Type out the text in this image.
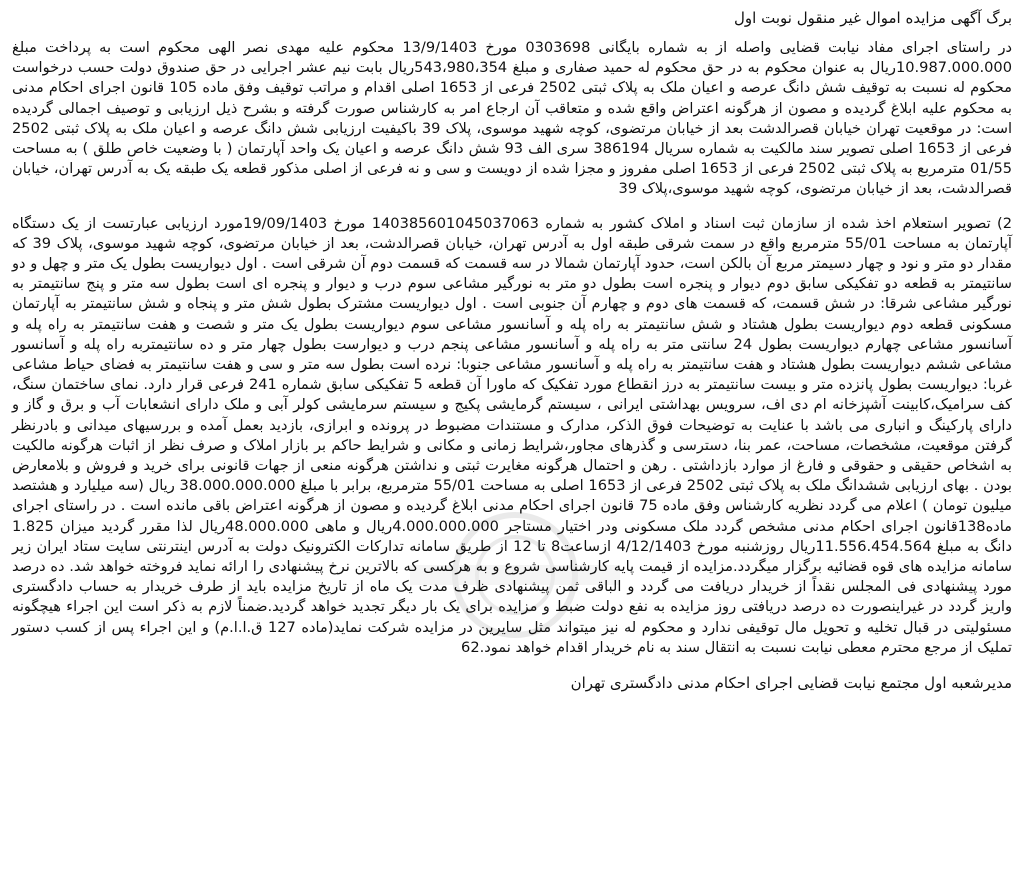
برگ آگهی مزایده اموال غیر منقول نوبت اول

در راستای اجرای مفاد نیابت قضایی واصله از به شماره بایگانی 0303698 مورخ 13/9/1403 محکوم علیه مهدی نصر الهی محکوم است به پرداخت مبلغ 10.987.000.000ریال به عنوان محکوم به در حق محکوم له حمید صفاری و مبلغ 543،980،354ریال بابت نیم عشر اجرایی در حق صندوق دولت حسب درخواست محکوم له نسبت به توقیف شش دانگ عرصه و اعیان ملک به پلاک ثبتی 2502 فرعی از 1653 اصلی اقدام و مراتب توقیف وفق ماده 105 قانون اجرای احکام مدنی به محکوم علیه ابلاغ گردیده و مصون از هرگونه اعتراض واقع شده و متعاقب آن ارجاع امر به کارشناس صورت گرفته و بشرح ذیل ارزیابی و توصیف اجمالی گردیده است: در موقعیت تهران خیابان قصرالدشت بعد از خیابان مرتضوی، کوچه شهید موسوی، پلاک 39 باکیفیت ارزیابی شش دانگ عرصه و اعیان ملک به پلاک ثبتی 2502 فرعی از 1653 اصلی تصویر سند مالکیت به شماره سریال 386194 سری الف 93 شش دانگ عرصه و اعیان یک واحد آپارتمان ( با وضعیت خاص طلق ) به مساحت 01/55 مترمربع به پلاک ثبتی 2502 فرعی از 1653 اصلی مفروز و مجزا شده از دویست و سی و نه فرعی از اصلی مذکور قطعه یک طبقه یک به آدرس تهران، خیابان قصرالدشت، بعد از خیابان مرتضوی، کوچه شهید موسوی،پلاک 39

2) تصویر استعلام اخذ شده از سازمان ثبت اسناد و املاک کشور به شماره 140385601045037063 مورخ 19/09/1403مورد ارزیابی عبارتست از یک دستگاه آپارتمان به مساحت 55/01 مترمربع واقع در سمت شرقی طبقه اول به آدرس تهران، خیابان قصرالدشت، بعد از خیابان مرتضوی، کوچه شهید موسوی، پلاک 39 که مقدار دو متر و نود و چهار دسیمتر مربع آن بالکن است، حدود آپارتمان شمالا در سه قسمت که قسمت دوم آن شرقی است . اول دیواریست بطول یک متر و چهل و دو سانتیمتر به قطعه دو تفکیکی سابق دوم دیوار و پنجره است بطول دو متر به نورگیر مشاعی سوم درب و دیوار و پنجره ای است بطول سه متر و پنج سانتیمتر به نورگیر مشاعی شرقا: در شش قسمت، که قسمت های دوم و چهارم آن جنوبی است . اول دیواریست مشترک بطول شش متر و پنجاه و شش سانتیمتر به آپارتمان مسکونی قطعه دوم دیواریست بطول هشتاد و شش سانتیمتر به راه پله و آسانسور مشاعی سوم دیواریست بطول یک متر و شصت و هفت سانتیمتر به راه پله و آسانسور مشاعی چهارم دیواریست بطول 24 سانتی متر به راه پله و آسانسور مشاعی پنجم درب و دیوارست بطول چهار متر و ده سانتیمتربه راه پله و آسانسور مشاعی ششم دیواریست بطول هشتاد و هفت سانتیمتر به راه پله و آسانسور مشاعی جنوبا: نرده است بطول سه متر و سی و هفت سانتیمتر به فضای حیاط مشاعی غربا: دیواریست بطول پانزده متر و بیست سانتیمتر به درز انقطاع مورد تفکیک که ماورا آن قطعه 5 تفکیکی سابق شماره 241 فرعی قرار دارد. نمای ساختمان سنگ، کف سرامیک،کابینت آشپزخانه ام دی اف، سرویس بهداشتی ایرانی ، سیستم گرمایشی پکیج و سیستم سرمایشی کولر آبی و ملک دارای انشعابات آب و برق و گاز و دارای پارکینگ و انباری می باشد با عنایت به توضیحات فوق الذکر، مدارک و مستندات مضبوط در پرونده و ابرازی، بازدید بعمل آمده و بررسیهای میدانی و بادرنظر گرفتن موقعیت، مشخصات، مساحت، عمر بنا، دسترسی و گذرهای مجاور،شرایط زمانی و مکانی و شرایط حاکم بر بازار املاک و صرف نظر از اثبات هرگونه مالکیت به اشخاص حقیقی و حقوقی و فارغ از موارد بازداشتی . رهن و احتمال هرگونه مغایرت ثبتی و نداشتن هرگونه منعی از جهات قانونی برای خرید و فروش و بلامعارض بودن . بهای ارزیابی ششدانگ ملک به پلاک ثبتی 2502 فرعی از 1653 اصلی به مساحت 55/01 مترمربع، برابر با مبلغ 38.000.000.000 ریال (سه میلیارد و هشتصد میلیون تومان ) اعلام می گردد نظریه کارشناس وفق ماده 75 قانون اجرای احکام مدنی ابلاغ گردیده و مصون از هرگونه اعتراض باقی مانده است . در راستای اجرای ماده138قانون اجرای احکام مدنی مشخص گردد ملک مسکونی ودر اختیار مستاجر 4.000.000.000ریال و ماهی 48.000.000ریال لذا مقرر گردید میزان 1.825 دانگ به مبلغ 11.556.454.564ریال روزشنبه مورخ 4/12/1403 ازساعت8 تا 12 از طریق سامانه تدارکات الکترونیک دولت به آدرس اینترنتی سایت ستاد ایران زیر سامانه مزایده های قوه قضائیه برگزار میگردد.مزایده از قیمت پایه کارشناسی شروع و به هرکسی که بالاترین نرخ پیشنهادی را ارائه نماید فروخته خواهد شد. ده درصد مورد پیشنهادی فی المجلس نقداً از خریدار دریافت می گردد و الباقی ثمن پیشنهادی ظرف مدت یک ماه از تاریخ مزایده باید از طرف خریدار به حساب دادگستری واریز گردد در غیراینصورت ده درصد دریافتی روز مزایده به نفع دولت ضبط و مزایده برای یک بار دیگر تجدید خواهد گردید.ضمناً لازم به ذکر است این اجراء هیچگونه مسئولیتی در قبال تخلیه و تحویل مال توقیفی ندارد و محکوم له نیز میتواند مثل سایرین در مزایده شرکت نماید(ماده 127 ق.ا.ا.م) و این اجراء پس از کسب دستور تملیک از مرجع محترم معطی نیابت نسبت به انتقال سند به نام خریدار اقدام خواهد نمود.62

مدیرشعبه اول مجتمع نیابت قضایی اجرای احکام مدنی دادگستری تهران
